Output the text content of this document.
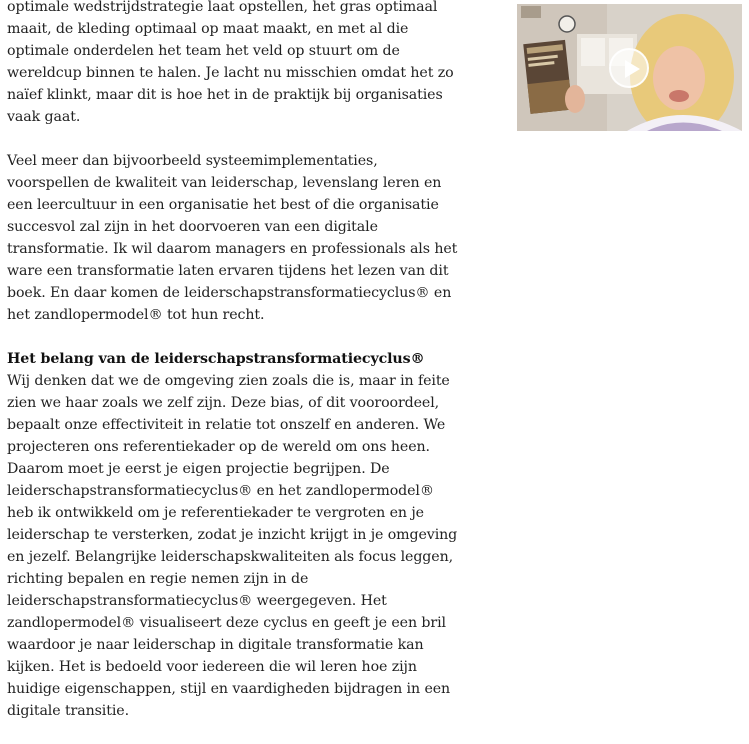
optimale wedstrijdstrategie laat opstellen, het gras optimaal
maait, de kleding optimaal op maat maakt, en met al die
optimale onderdelen het team het veld op stuurt om de
wereldcup binnen te halen. Je lacht nu misschien omdat het zo
naïef klinkt, maar dit is hoe het in de praktijk bij organisaties
vaak gaat.

Veel meer dan bijvoorbeeld systeemimplementaties,
voorspellen de kwaliteit van leiderschap, levenslang leren en
een leercultuur in een organisatie het best of die organisatie
succesvol zal zijn in het doorvoeren van een digitale
transformatie. Ik wil daarom managers en professionals als het
ware een transformatie laten ervaren tijdens het lezen van dit
boek. En daar komen de leiderschapstransformatiecyclus® en
het zandlopermodel® tot hun recht.

Het belang van de leiderschapstransformatiecyclus®
Wij denken dat we de omgeving zien zoals die is, maar in feite
zien we haar zoals we zelf zijn. Deze bias, of dit vooroordeel,
bepaalt onze effectiviteit in relatie tot onszelf en anderen. We
projecteren ons referentiekader op de wereld om ons heen.
Daarom moet je eerst je eigen projectie begrijpen. De
leiderschapstransformatiecyclus® en het zandlopermodel®
heb ik ontwikkeld om je referentiekader te vergroten en je
leiderschap te versterken, zodat je inzicht krijgt in je omgeving
en jezelf. Belangrijke leiderschapskwaliteiten als focus leggen,
richting bepalen en regie nemen zijn in de
leiderschapstransformatiecyclus® weergegeven. Het
zandlopermodel® visualiseert deze cyclus en geeft je een bril
waardoor je naar leiderschap in digitale transformatie kan
kijken. Het is bedoeld voor iedereen die wil leren hoe zijn
huidige eigenschappen, stijl en vaardigheden bijdragen in een
digitale transitie.
